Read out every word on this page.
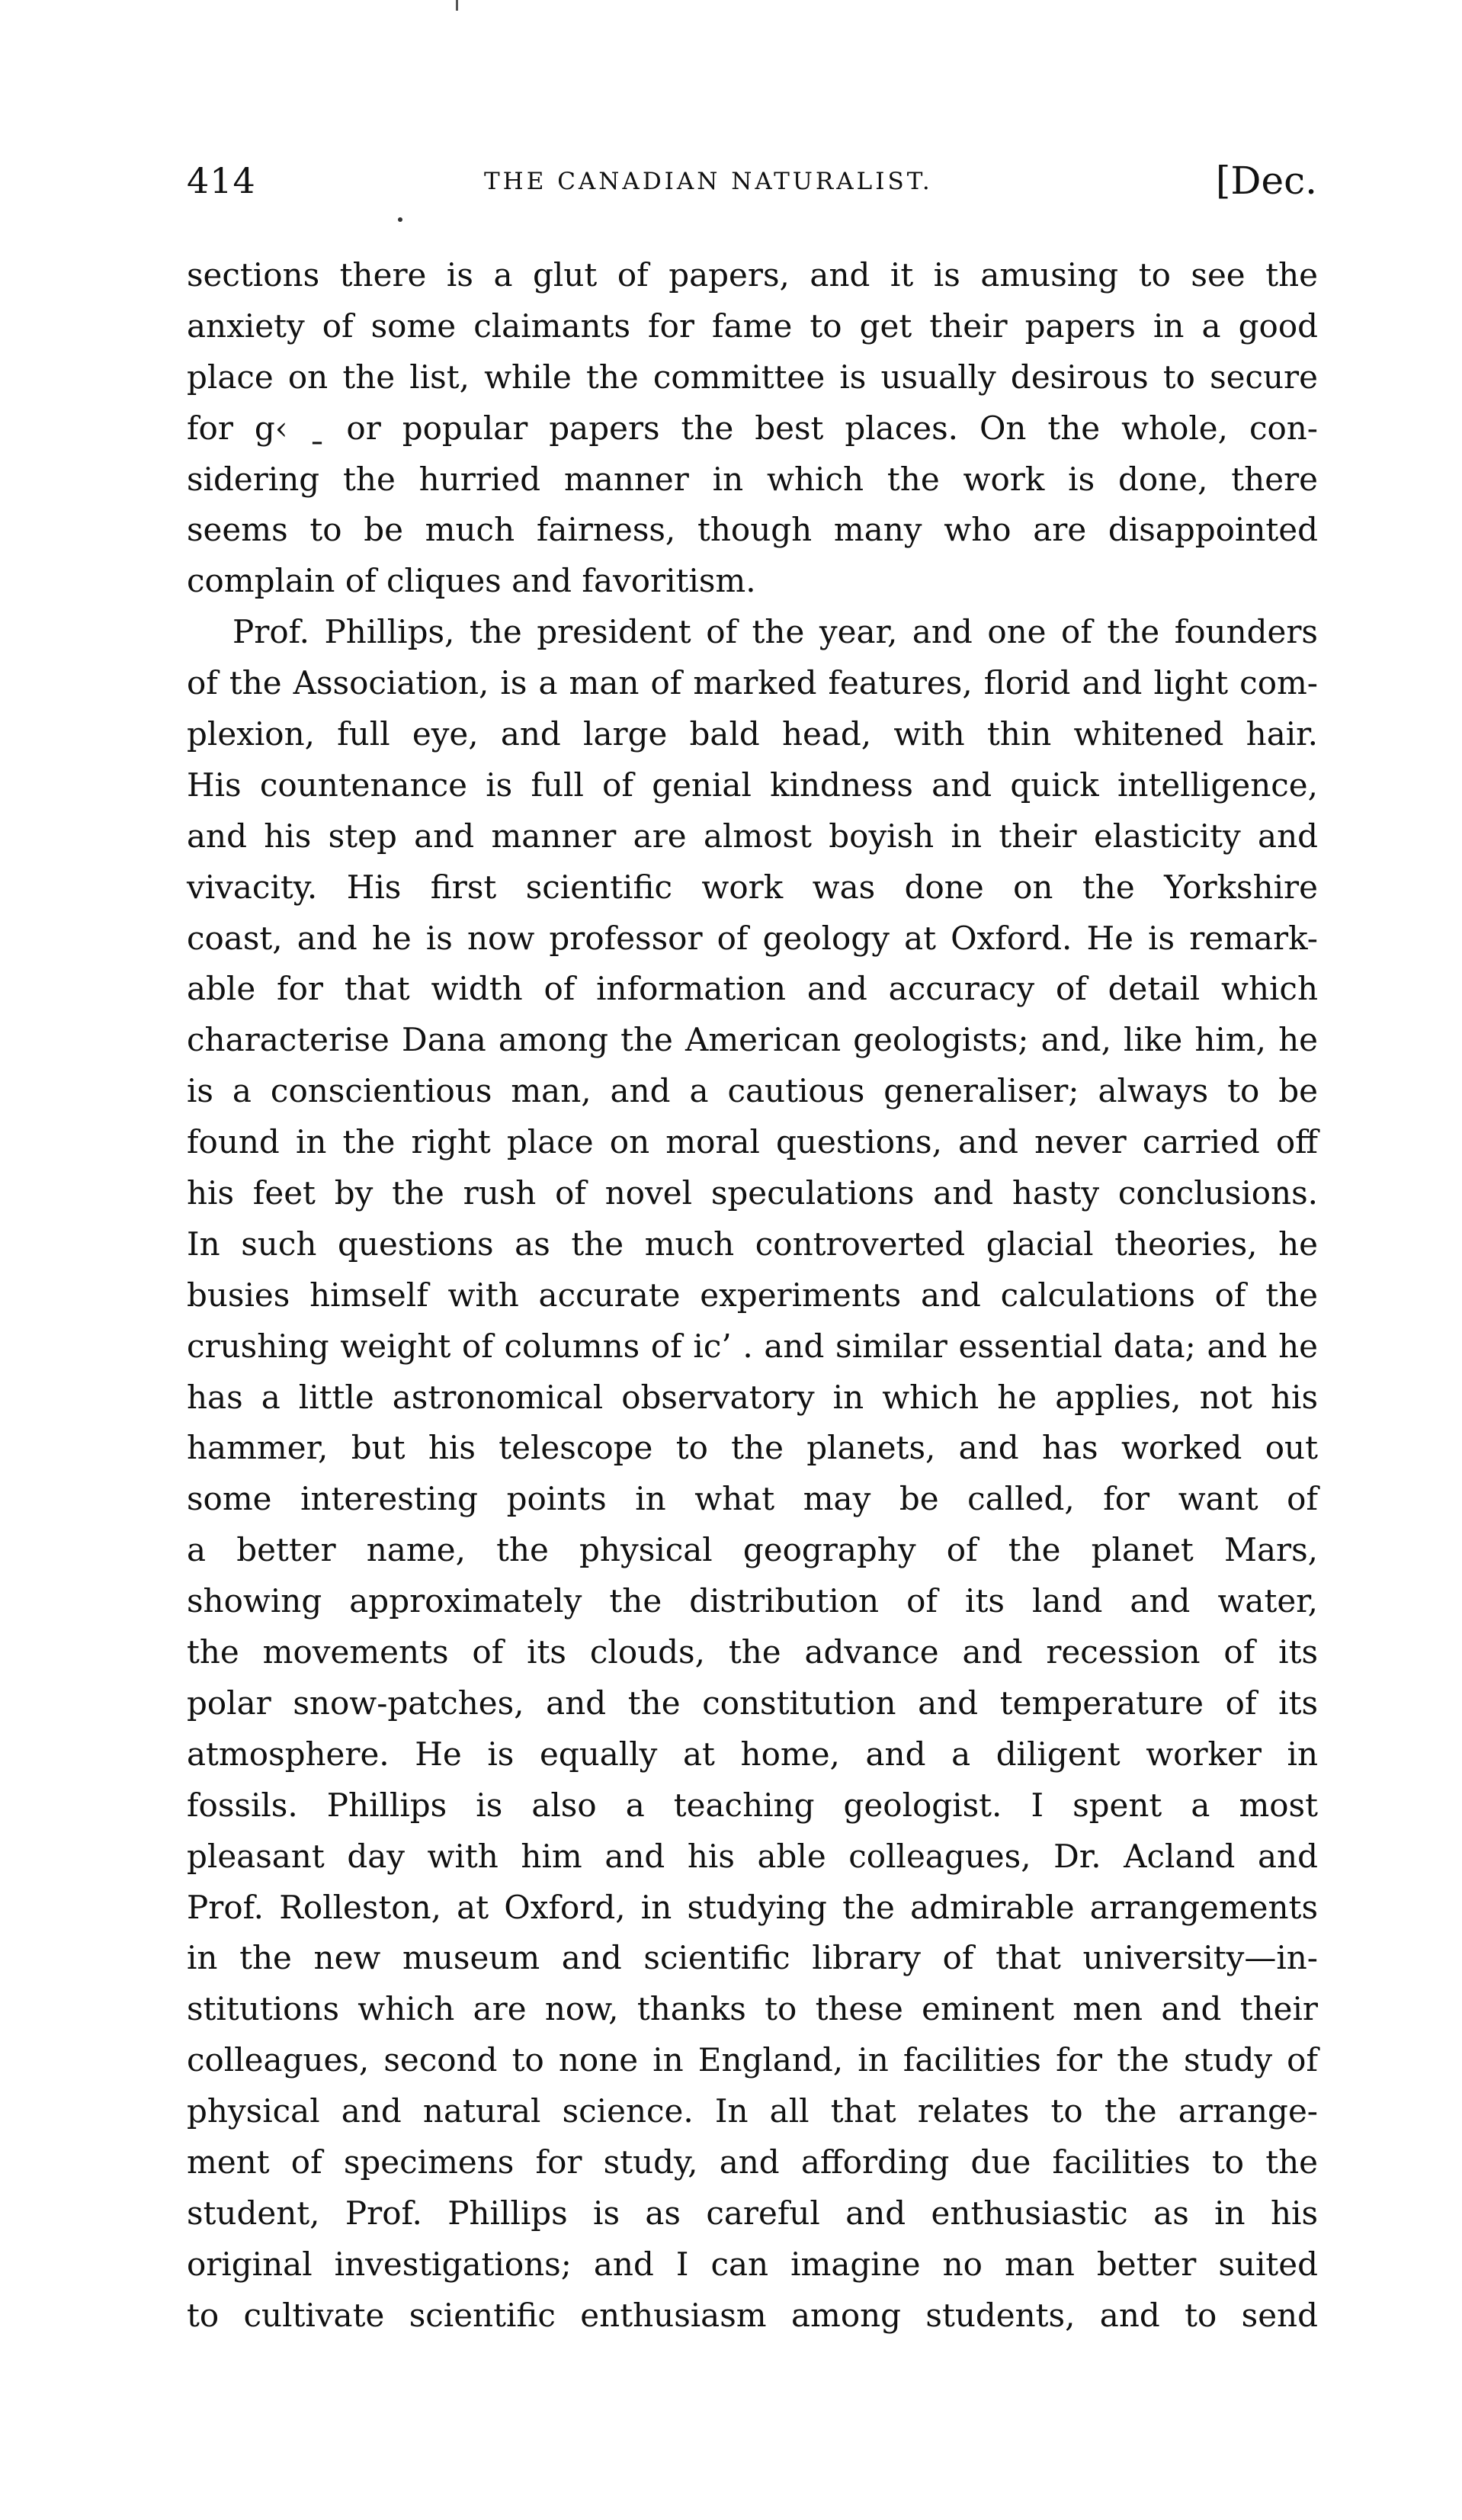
414	THE CANADIAN NATURALIST.	[Dec.
sections there is a glut of papers, and it is amusing to see the
anxiety of some claimants for fame to get their papers in a good
place on the list, while the committee is usually desirous to secure
for g‹ ˍ or popular papers the best places. On the whole, con-
sidering the hurried manner in which the work is done, there
seems to be much fairness, though many who are disappointed
complain of cliques and favoritism.
Prof. Phillips, the president of the year, and one of the founders
of the Association, is a man of marked features, florid and light com-
plexion, full eye, and large bald head, with thin whitened hair.
His countenance is full of genial kindness and quick intelligence,
and his step and manner are almost boyish in their elasticity and
vivacity. His first scientific work was done on the Yorkshire
coast, and he is now professor of geology at Oxford. He is remark-
able for that width of information and accuracy of detail which
characterise Dana among the American geologists; and, like him, he
is a conscientious man, and a cautious generaliser; always to be
found in the right place on moral questions, and never carried off
his feet by the rush of novel speculations and hasty conclusions.
In such questions as the much controverted glacial theories, he
busies himself with accurate experiments and calculations of the
crushing weight of columns of ic’ . and similar essential data; and he
has a little astronomical observatory in which he applies, not his
hammer, but his telescope to the planets, and has worked out
some interesting points in what may be called, for want of
a better name, the physical geography of the planet Mars,
showing approximately the distribution of its land and water,
the movements of its clouds, the advance and recession of its
polar snow-patches, and the constitution and temperature of its
atmosphere. He is equally at home, and a diligent worker in
fossils. Phillips is also a teaching geologist. I spent a most
pleasant day with him and his able colleagues, Dr. Acland and
Prof. Rolleston, at Oxford, in studying the admirable arrangements
in the new museum and scientific library of that university—in-
stitutions which are now, thanks to these eminent men and their
colleagues, second to none in England, in facilities for the study of
physical and natural science. In all that relates to the arrange-
ment of specimens for study, and affording due facilities to the
student, Prof. Phillips is as careful and enthusiastic as in his
original investigations; and I can imagine no man better suited
to cultivate scientific enthusiasm among students, and to send
